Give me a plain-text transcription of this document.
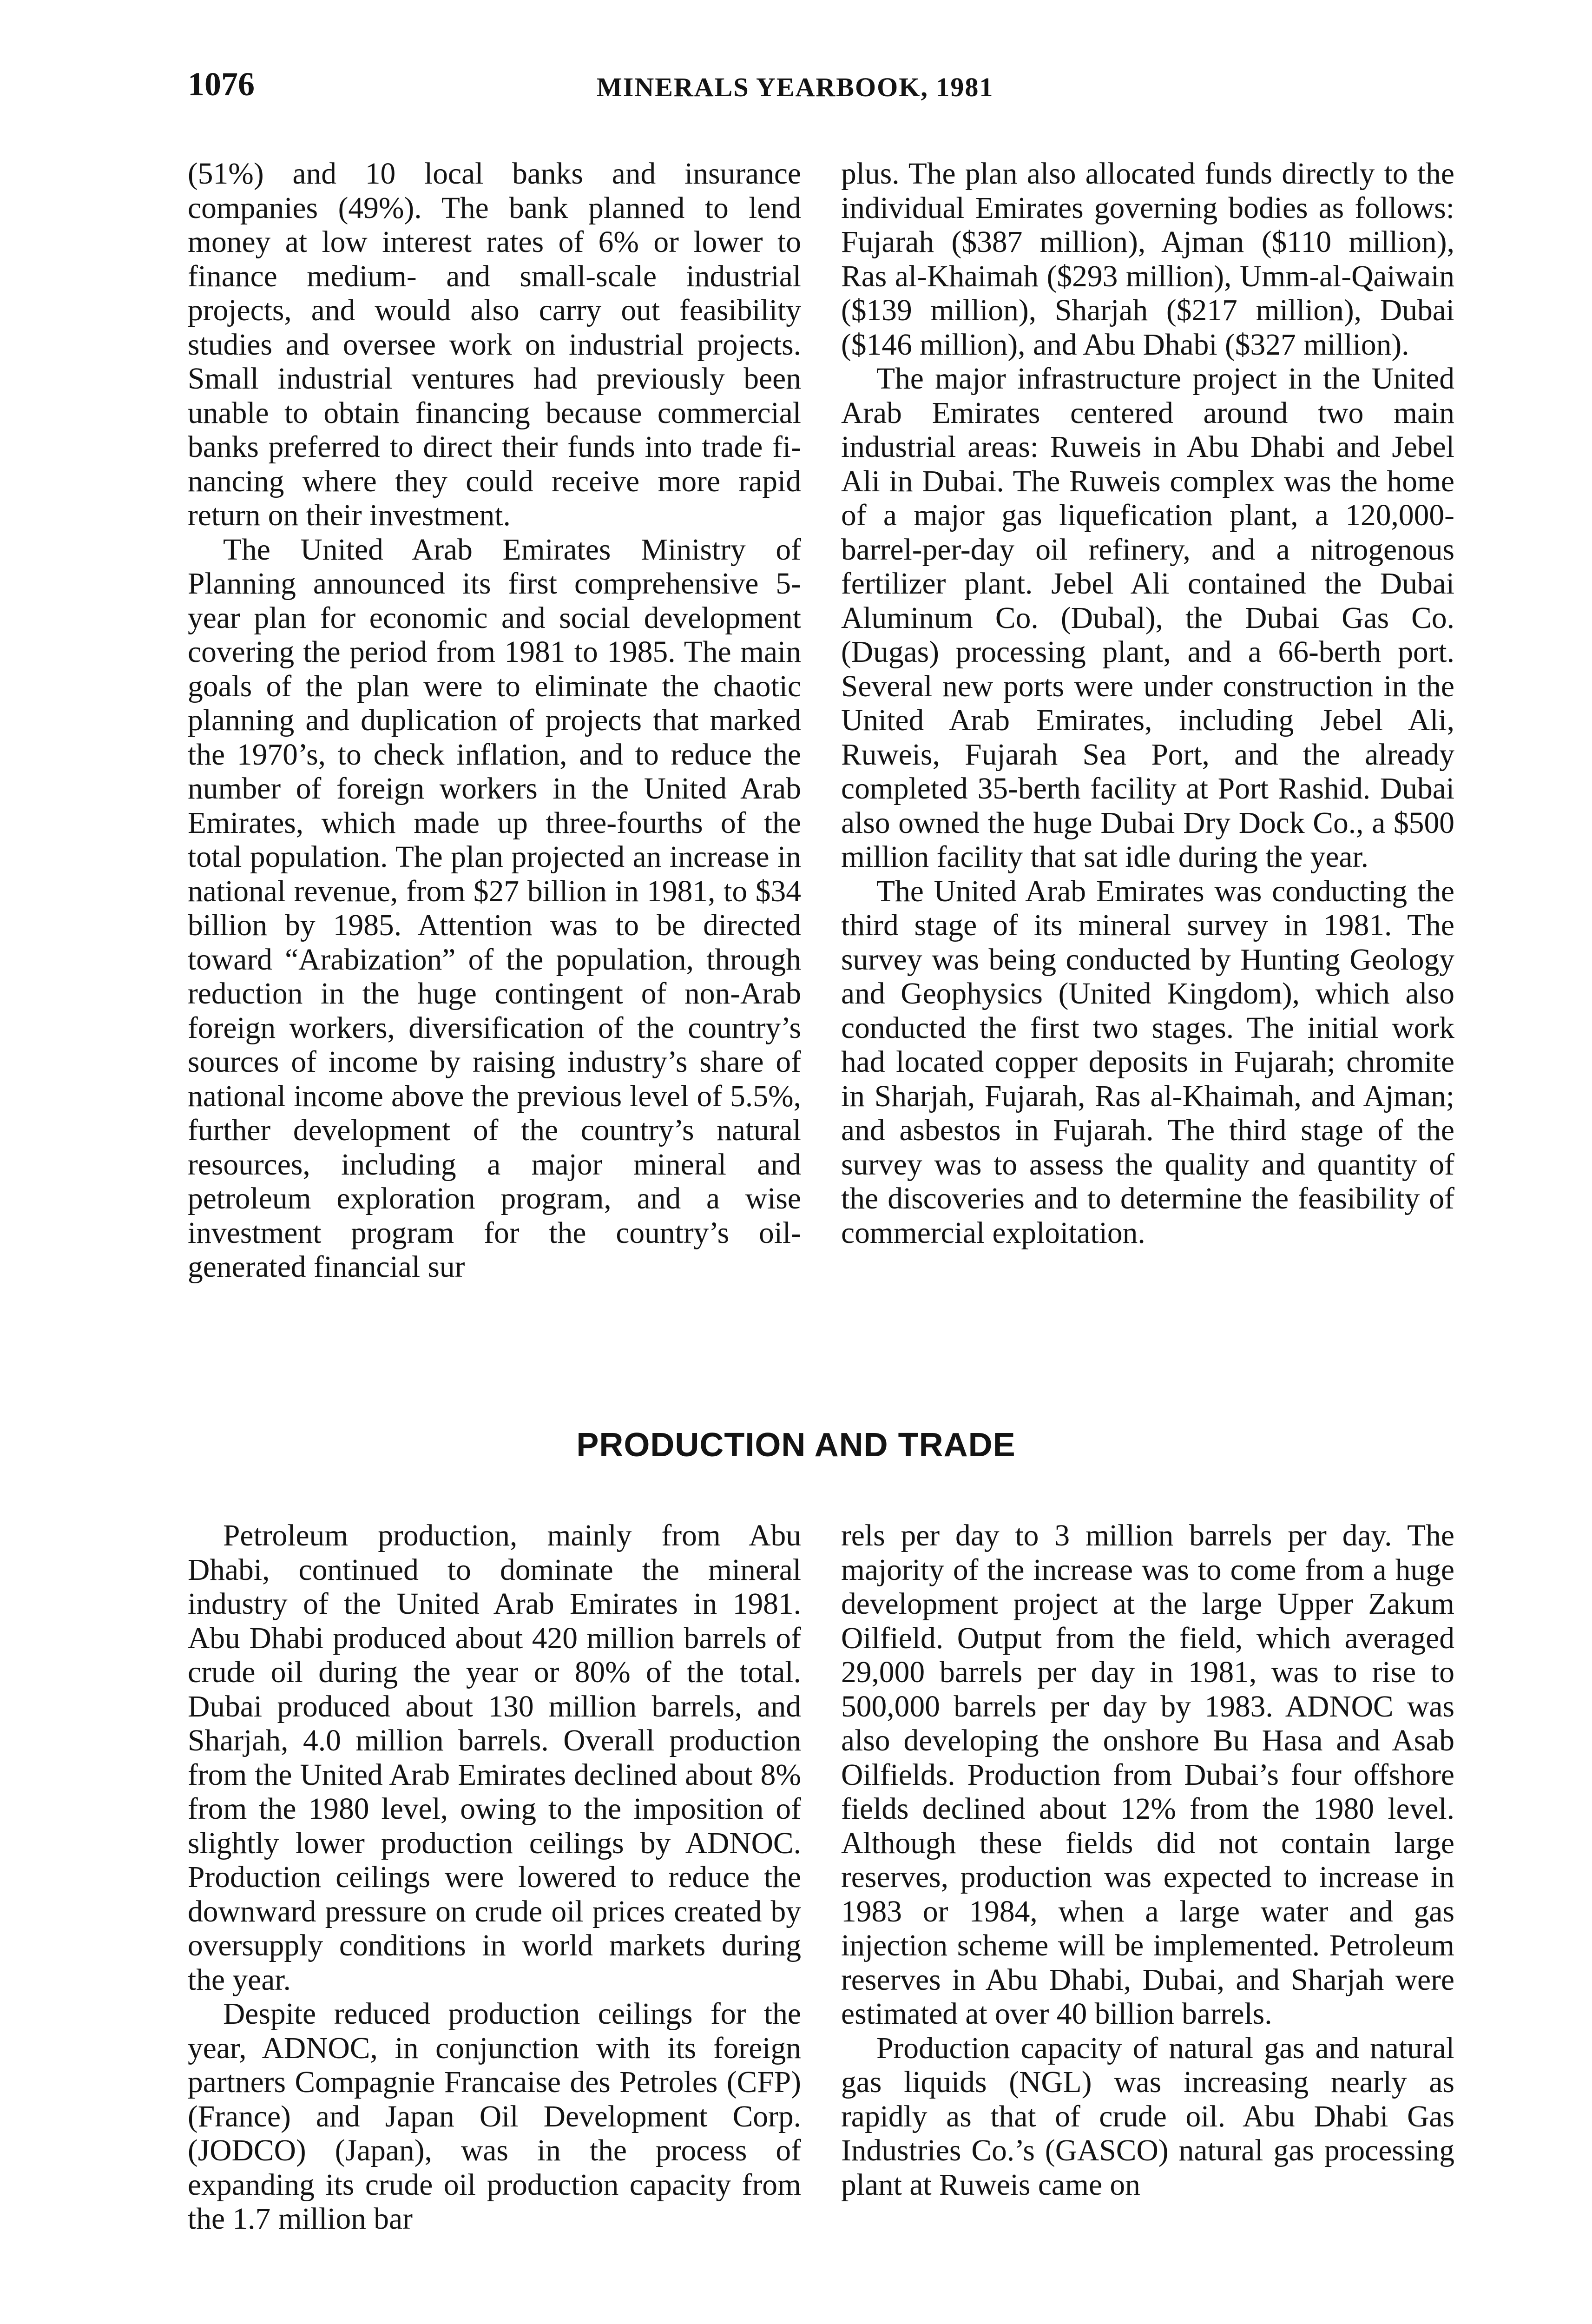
1076	MINERALS YEARBOOK, 1981

(51%) and 10 local banks and insurance companies (49%). The bank planned to lend money at low interest rates of 6% or lower to finance medium- and small-scale industrial projects, and would also carry out feasibility studies and oversee work on industrial projects. Small industrial ventures had previously been unable to obtain financing because commercial banks preferred to direct their funds into trade financing where they could receive more rapid return on their investment.

The United Arab Emirates Ministry of Planning announced its first comprehensive 5-year plan for economic and social development covering the period from 1981 to 1985. The main goals of the plan were to eliminate the chaotic planning and duplication of projects that marked the 1970’s, to check inflation, and to reduce the number of foreign workers in the United Arab Emirates, which made up three-fourths of the total population. The plan projected an increase in national revenue, from $27 billion in 1981, to $34 billion by 1985. Attention was to be directed toward “Arabization” of the population, through reduction in the huge contingent of non-Arab foreign workers, diversification of the country’s sources of income by raising industry’s share of national income above the previous level of 5.5%, further development of the country’s natural resources, including a major mineral and petroleum exploration program, and a wise investment program for the country’s oil-generated financial sur

plus. The plan also allocated funds directly to the individual Emirates governing bodies as follows: Fujarah ($387 million), Ajman ($110 million), Ras al-Khaimah ($293 million), Umm-al-Qaiwain ($139 million), Sharjah ($217 million), Dubai ($146 million), and Abu Dhabi ($327 million).

The major infrastructure project in the United Arab Emirates centered around two main industrial areas: Ruweis in Abu Dhabi and Jebel Ali in Dubai. The Ruweis complex was the home of a major gas liquefication plant, a 120,000-barrel-per-day oil refinery, and a nitrogenous fertilizer plant. Jebel Ali contained the Dubai Aluminum Co. (Dubal), the Dubai Gas Co. (Dugas) processing plant, and a 66-berth port. Several new ports were under construction in the United Arab Emirates, including Jebel Ali, Ruweis, Fujarah Sea Port, and the already completed 35-berth facility at Port Rashid. Dubai also owned the huge Dubai Dry Dock Co., a $500 million facility that sat idle during the year.

The United Arab Emirates was conducting the third stage of its mineral survey in 1981. The survey was being conducted by Hunting Geology and Geophysics (United Kingdom), which also conducted the first two stages. The initial work had located copper deposits in Fujarah; chromite in Sharjah, Fujarah, Ras al-Khaimah, and Ajman; and asbestos in Fujarah. The third stage of the survey was to assess the quality and quantity of the discoveries and to determine the feasibility of commercial exploitation.

PRODUCTION AND TRADE

Petroleum production, mainly from Abu Dhabi, continued to dominate the mineral industry of the United Arab Emirates in 1981. Abu Dhabi produced about 420 million barrels of crude oil during the year or 80% of the total. Dubai produced about 130 million barrels, and Sharjah, 4.0 million barrels. Overall production from the United Arab Emirates declined about 8% from the 1980 level, owing to the imposition of slightly lower production ceilings by ADNOC. Production ceilings were lowered to reduce the downward pressure on crude oil prices created by oversupply conditions in world markets during the year.

Despite reduced production ceilings for the year, ADNOC, in conjunction with its foreign partners Compagnie Francaise des Petroles (CFP) (France) and Japan Oil Development Corp. (JODCO) (Japan), was in the process of expanding its crude oil production capacity from the 1.7 million bar

rels per day to 3 million barrels per day. The majority of the increase was to come from a huge development project at the large Upper Zakum Oilfield. Output from the field, which averaged 29,000 barrels per day in 1981, was to rise to 500,000 barrels per day by 1983. ADNOC was also developing the onshore Bu Hasa and Asab Oilfields. Production from Dubai’s four offshore fields declined about 12% from the 1980 level. Although these fields did not contain large reserves, production was expected to increase in 1983 or 1984, when a large water and gas injection scheme will be implemented. Petroleum reserves in Abu Dhabi, Dubai, and Sharjah were estimated at over 40 billion barrels.

Production capacity of natural gas and natural gas liquids (NGL) was increasing nearly as rapidly as that of crude oil. Abu Dhabi Gas Industries Co.’s (GASCO) natural gas processing plant at Ruweis came on
